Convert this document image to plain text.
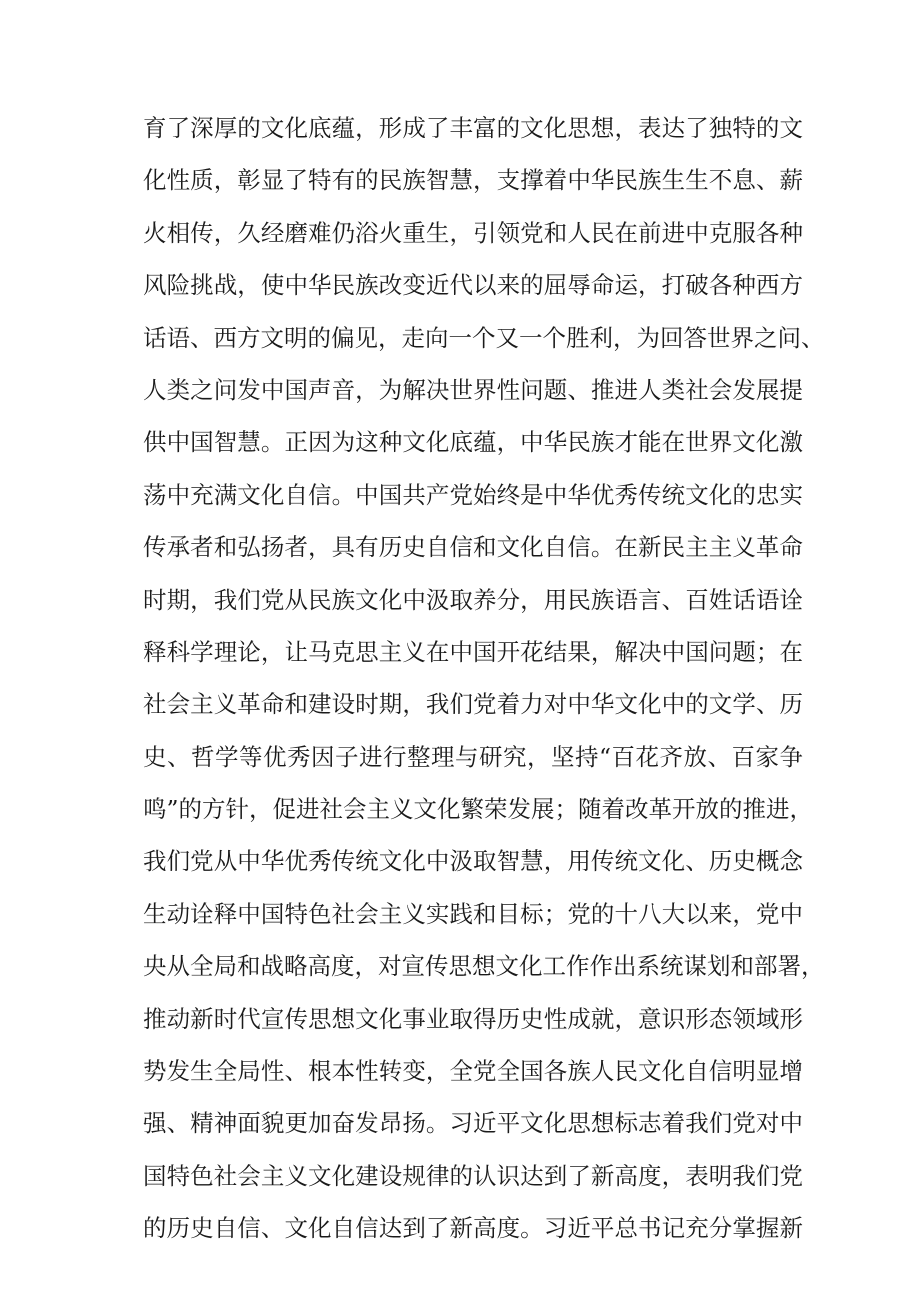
育了深厚的文化底蕴，形成了丰富的文化思想，表达了独特的文
化性质，彰显了特有的民族智慧，支撑着中华民族生生不息、薪
火相传，久经磨难仍浴火重生，引领党和人民在前进中克服各种
风险挑战，使中华民族改变近代以来的屈辱命运，打破各种西方
话语、西方文明的偏见，走向一个又一个胜利，为回答世界之问、
人类之问发中国声音，为解决世界性问题、推进人类社会发展提
供中国智慧。正因为这种文化底蕴，中华民族才能在世界文化激
荡中充满文化自信。中国共产党始终是中华优秀传统文化的忠实
传承者和弘扬者，具有历史自信和文化自信。在新民主主义革命
时期，我们党从民族文化中汲取养分，用民族语言、百姓话语诠
释科学理论，让马克思主义在中国开花结果，解决中国问题；在
社会主义革命和建设时期，我们党着力对中华文化中的文学、历
史、哲学等优秀因子进行整理与研究，坚持“百花齐放、百家争
鸣”的方针，促进社会主义文化繁荣发展；随着改革开放的推进，
我们党从中华优秀传统文化中汲取智慧，用传统文化、历史概念
生动诠释中国特色社会主义实践和目标；党的十八大以来，党中
央从全局和战略高度，对宣传思想文化工作作出系统谋划和部署，
推动新时代宣传思想文化事业取得历史性成就，意识形态领域形
势发生全局性、根本性转变，全党全国各族人民文化自信明显增
强、精神面貌更加奋发昂扬。习近平文化思想标志着我们党对中
国特色社会主义文化建设规律的认识达到了新高度，表明我们党
的历史自信、文化自信达到了新高度。习近平总书记充分掌握新
